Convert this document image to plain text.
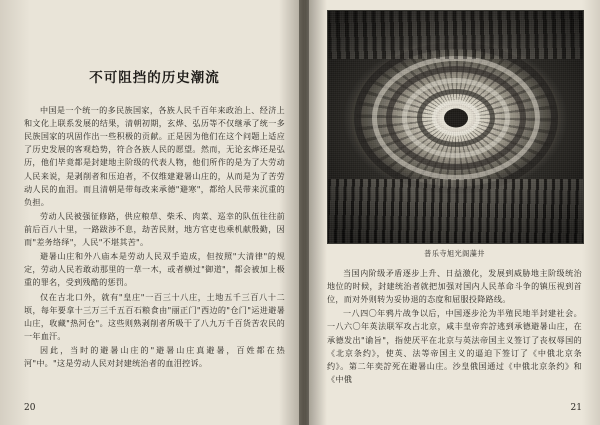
不可阻挡的历史潮流

中国是一个统一的多民族国家，各族人民千百年来政治上、经济上和文化上联系发展的结果，清朝初期，玄烨、弘历等不仅继承了统一多民族国家的巩固作出一些积极的贡献。正是因为他们在这个问题上适应了历史发展的客观趋势，符合各族人民的愿望。然而，无论玄烨还是弘历，他们毕竟都是封建地主阶级的代表人物，他们所作的是为了大劳动人民来说，是剥削者和压迫者，不仅维建避暑山庄的，从而是为了苦劳动人民的血泪。而且清朝是带每改来承德"避寒"，都给人民带来沉重的负担。

劳动人民被强征修路，供应粮草、柴禾、肉菜、巡幸的队伍往往前前后百八十里，一路跋涉不息，劫苦民财，地方官吏也乘机献殷勤，因而"差务络绎"，人民"不堪其苦"。

避暑山庄和外八庙本是劳动人民双手造成，但按照"大清律"的规定，劳动人民若敢动那里的一草一木，或者横过"御道"，都会被加上极重的罪名，受到残酷的惩罚。

仅在古北口外，就有"皇庄"一百三十八庄，土地五千三百八十二顷，每年要拿十三万三千五百石粮食由"丽正门"西边的"仓门"运进避暑山庄，收藏"热河仓"。这些则熟剥削者所吸干了八九万千百货苦农民的一年血汗。

因此，当时的避暑山庄的"避暑山庄真避暑，百姓都在热河"中。"这是劳动人民对封建统治者的血泪控诉。

20
普乐寺旭光阁藻井

当国内阶级矛盾逐步上升、日益激化，发展到威胁地主阶级统治地位的时候，封建统治者就把加强对国内人民革命斗争的镇压视到首位，而对外则转为妥协退的态度和屈服投降路线。

一八四〇年鸦片战争以后，中国逐步沦为半殖民地半封建社会。一八六〇年英法联军攻占北京，咸丰皇帝弈詝逃到承德避暑山庄，在承德发出"谕旨"，指使厌平在北京与英法帝国主义签订了丧权辱国的《北京条约》，使英、法等帝国主义的逼迫下签订了《中俄北京条约》。第二年奕詝死在避暑山庄。沙皇俄国通过《中俄北京条约》和《中俄

21
